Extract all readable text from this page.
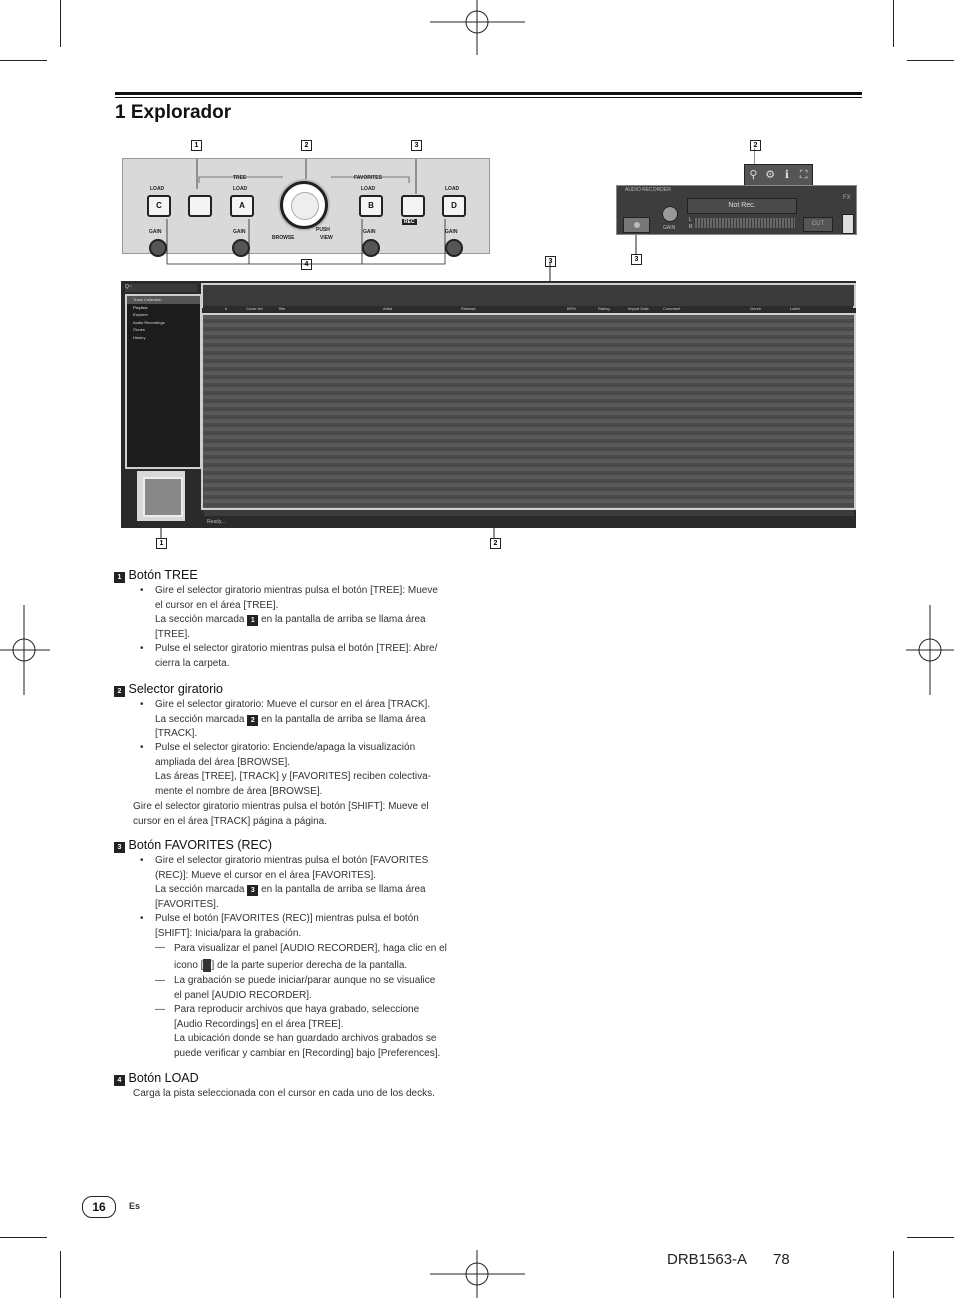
1 Explorador
1	2	3
4
2
3
3
1	2
TREE	FAVORITES
LOAD	LOAD	LOAD	LOAD
C	A	B	D
REC
PUSH
BROWSE	VIEW
GAIN	GAIN	GAIN	GAIN
⚲ ⚙ ℹ ⛶
AUDIO RECORDER
FX
GAIN
Not Rec.
L
R	CUT
Q~
Ready...
Track Collection
Playlists
Explorer
Audio Recordings
iTunes
History
#	Cover Art	Title	Artist	Release	BPM	Rating	Import Date	Comment	Genre	Label
1 Botón TREE
• Gire el selector giratorio mientras pulsa el botón [TREE]: Mueve
el cursor en el área [TREE].
La sección marcada 1 en la pantalla de arriba se llama área
[TREE].
• Pulse el selector giratorio mientras pulsa el botón [TREE]: Abre/
cierra la carpeta.
2 Selector giratorio
• Gire el selector giratorio: Mueve el cursor en el área [TRACK].
La sección marcada 2 en la pantalla de arriba se llama área
[TRACK].
• Pulse el selector giratorio: Enciende/apaga la visualización
ampliada del área [BROWSE].
Las áreas [TREE], [TRACK] y [FAVORITES] reciben colectiva-
mente el nombre de área [BROWSE].
Gire el selector giratorio mientras pulsa el botón [SHIFT]: Mueve el
cursor en el área [TRACK] página a página.
3 Botón FAVORITES (REC)
• Gire el selector giratorio mientras pulsa el botón [FAVORITES
(REC)]: Mueve el cursor en el área [FAVORITES].
La sección marcada 3 en la pantalla de arriba se llama área
[FAVORITES].
• Pulse el botón [FAVORITES (REC)] mientras pulsa el botón
[SHIFT]: Inicia/para la grabación.
— Para visualizar el panel [AUDIO RECORDER], haga clic en el
icono [ ] de la parte superior derecha de la pantalla.
— La grabación se puede iniciar/parar aunque no se visualice
el panel [AUDIO RECORDER].
— Para reproducir archivos que haya grabado, seleccione
[Audio Recordings] en el área [TREE].
La ubicación donde se han guardado archivos grabados se
puede verificar y cambiar en [Recording] bajo [Preferences].
4 Botón LOAD
Carga la pista seleccionada con el cursor en cada uno de los decks.
16	Es
DRB1563-A 78
